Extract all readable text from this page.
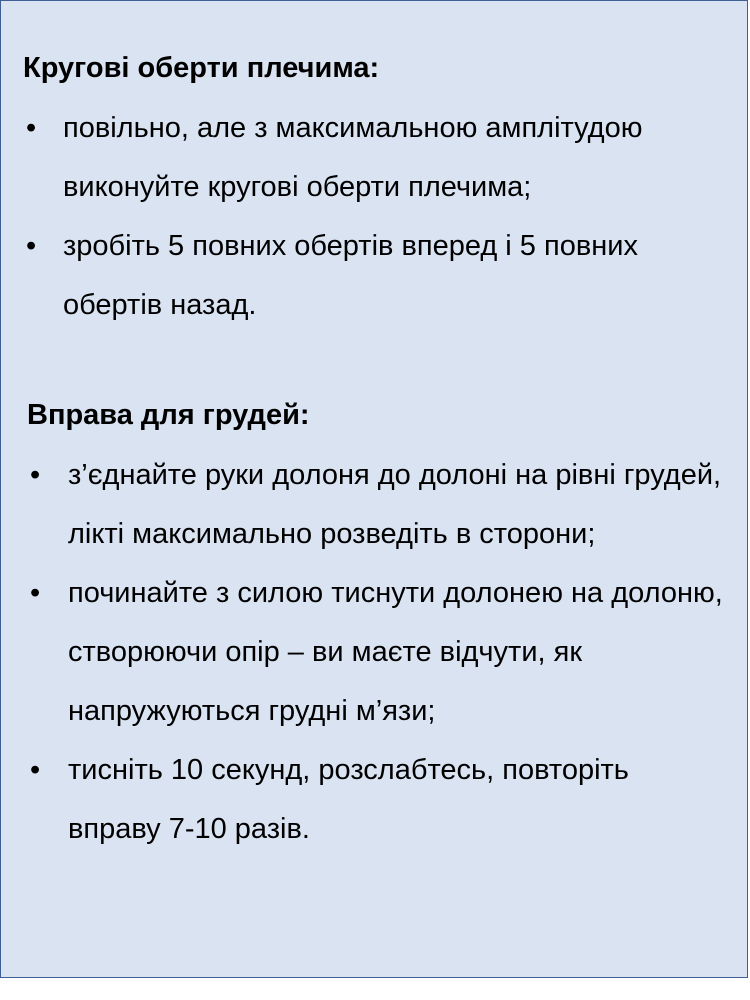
Кругові оберти плечима:
• повільно, але з максимальною амплітудою виконуйте кругові оберти плечима;
• зробіть 5 повних обертів вперед і 5 повних обертів назад.
Вправа для грудей:
• з’єднайте руки долоня до долоні на рівні грудей, лікті максимально розведіть в сторони;
• починайте з силою тиснути долонею на долоню, створюючи опір – ви маєте відчути, як напружуються грудні м’язи;
• тисніть 10 секунд, розслабтесь, повторіть вправу 7-10 разів.
